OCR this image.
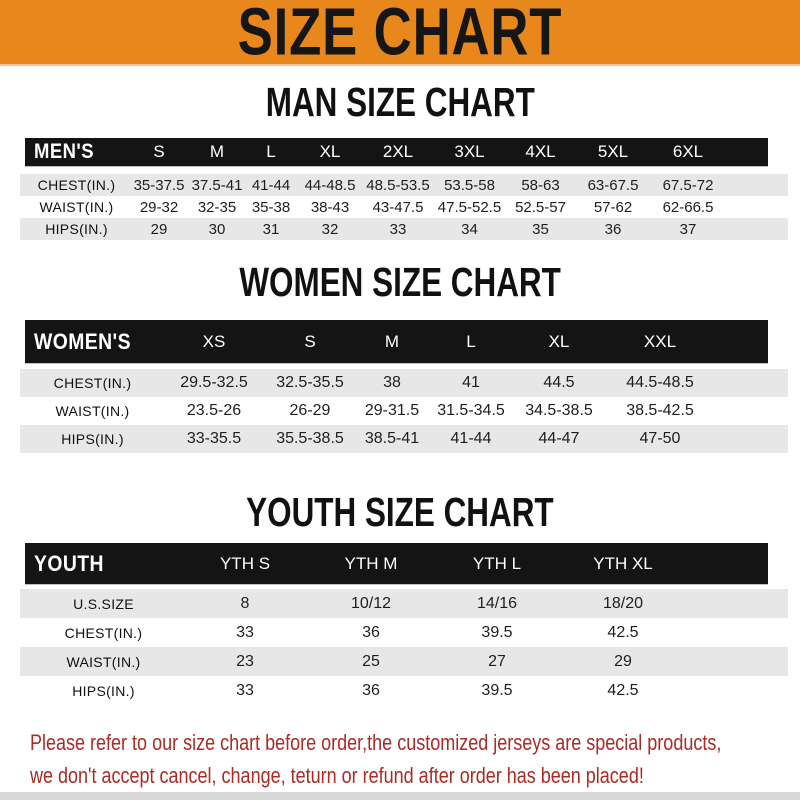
SIZE CHART
MAN SIZE CHART
MEN'S	S	M L	XL 2XL 3XL 4XL 5XL	6XL
CHEST(IN.) 35-37.5 37.5-41 41-44 44-48.5 48.5-53.5 53.5-58 58-63 63-67.5 67.5-72
WAIST(IN.) 29-32 32-35 35-38 38-43 43-47.5 47.5-52.5 52.5-57 57-62 62-66.5
HIPS(IN.)	29	30 31	32	33	34	35	36	37
WOMEN SIZE CHART
WOMEN'S	XS	S	M	L	XL	XXL
CHEST(IN.)	29.5-32.5 32.5-35.5 38	41	44.5	44.5-48.5
WAIST(IN.)	23.5-26	26-29 29-31.5 31.5-34.5 34.5-38.5 38.5-42.5
HIPS(IN.)	33-35.5 35.5-38.5 38.5-41 41-44	44-47	47-50
YOUTH SIZE CHART
YOUTH	YTH S	YTH M	YTH L	YTH XL
U.S.SIZE	8	10/12	14/16	18/20
CHEST(IN.)	33	36	39.5	42.5
WAIST(IN.)	23	25	27	29
HIPS(IN.)	33	36	39.5	42.5
Please refer to our size chart before order,the customized jerseys are special products,
we don't accept cancel, change, teturn or refund after order has been placed!
